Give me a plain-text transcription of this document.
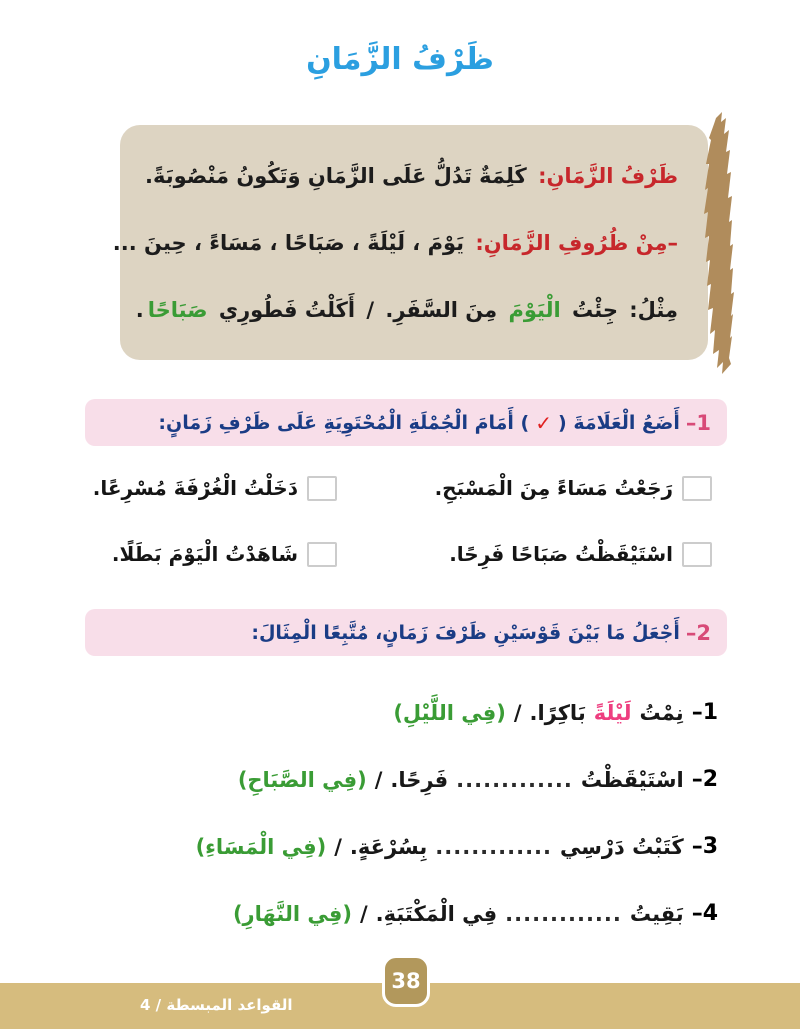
ظَرْفُ الزَّمَانِ

ظَرْفُ الزَّمَانِ: كَلِمَةٌ تَدُلُّ عَلَى الزَّمَانِ وَتَكُونُ مَنْصُوبَةً.

–مِنْ ظُرُوفِ الزَّمَانِ: يَوْمَ ، لَيْلَةً ، صَبَاحًا ، مَسَاءً ، حِينَ ...

مِثْلُ: جِئْتُ الْيَوْمَ مِنَ السَّفَرِ. / أَكَلْتُ فَطُورِي صَبَاحًا.

1–
أَضَعُ الْعَلَامَةَ (
✓
) أَمَامَ الْجُمْلَةِ الْمُحْتَوِيَةِ عَلَى ظَرْفِ زَمَانٍ:
رَجَعْتُ مَسَاءً مِنَ الْمَسْبَحِ.
دَخَلْتُ الْغُرْفَةَ مُسْرِعًا.
اسْتَيْقَظْتُ صَبَاحًا فَرِحًا.
شَاهَدْتُ الْيَوْمَ بَطَلًا.
2–
أَجْعَلُ مَا بَيْنَ قَوْسَيْنِ ظَرْفَ زَمَانٍ، مُتَّبِعًا الْمِثَالَ:
1–
نِمْتُ
لَيْلَةً
بَاكِرًا.
/
(فِي اللَّيْلِ)
2–
اسْتَيْقَظْتُ
.............
فَرِحًا.
/
(فِي الصَّبَاحِ)
3–
كَتَبْتُ دَرْسِي
.............
بِسُرْعَةٍ.
/
(فِي الْمَسَاءِ)
4–
بَقِيتُ
.............
فِي الْمَكْتَبَةِ.
/
(فِي النَّهَارِ)
القواعد المبسطة / 4
38
